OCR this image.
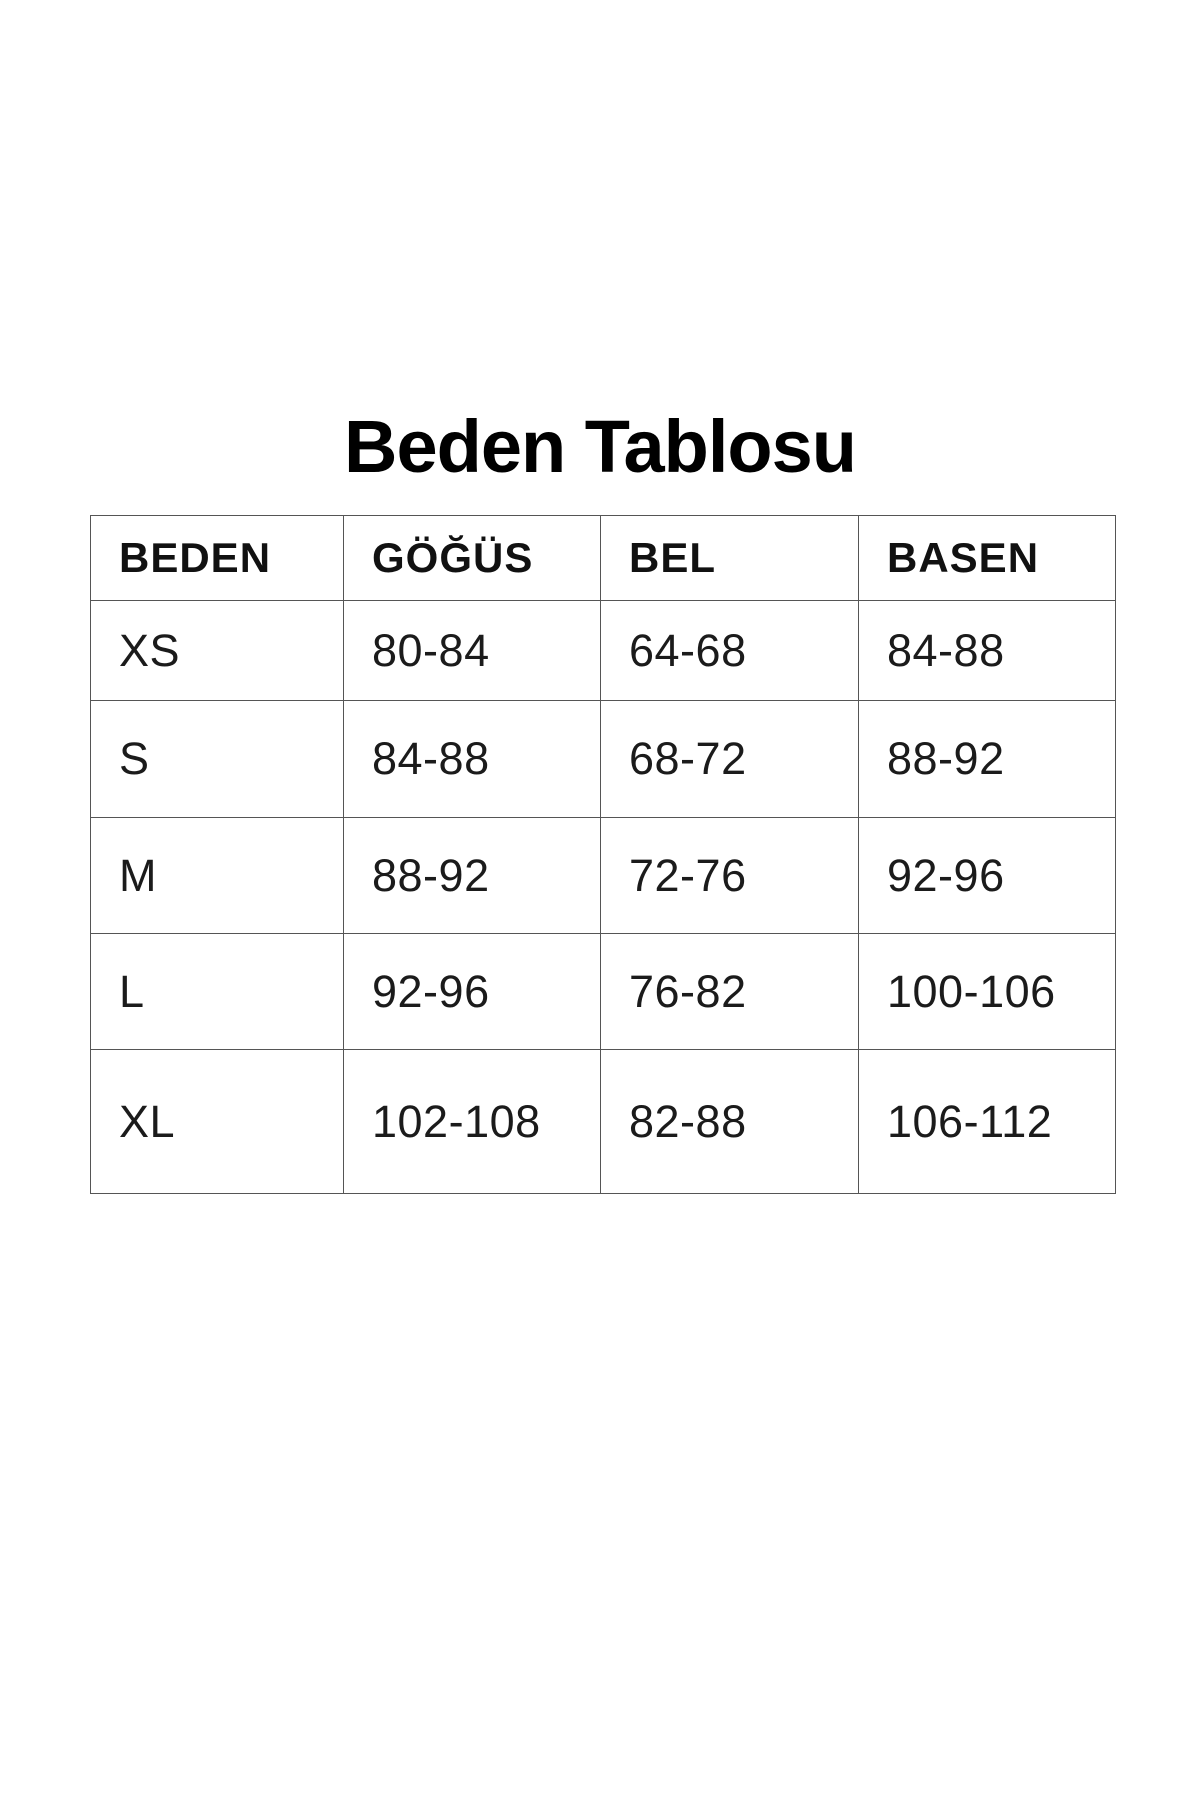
Beden Tablosu
BEDEN	GÖĞÜS	BEL	BASEN
XS	80-84	64-68	84-88
S	84-88	68-72	88-92
M	88-92	72-76	92-96
L	92-96	76-82	100-106
XL	102-108	82-88	106-112
